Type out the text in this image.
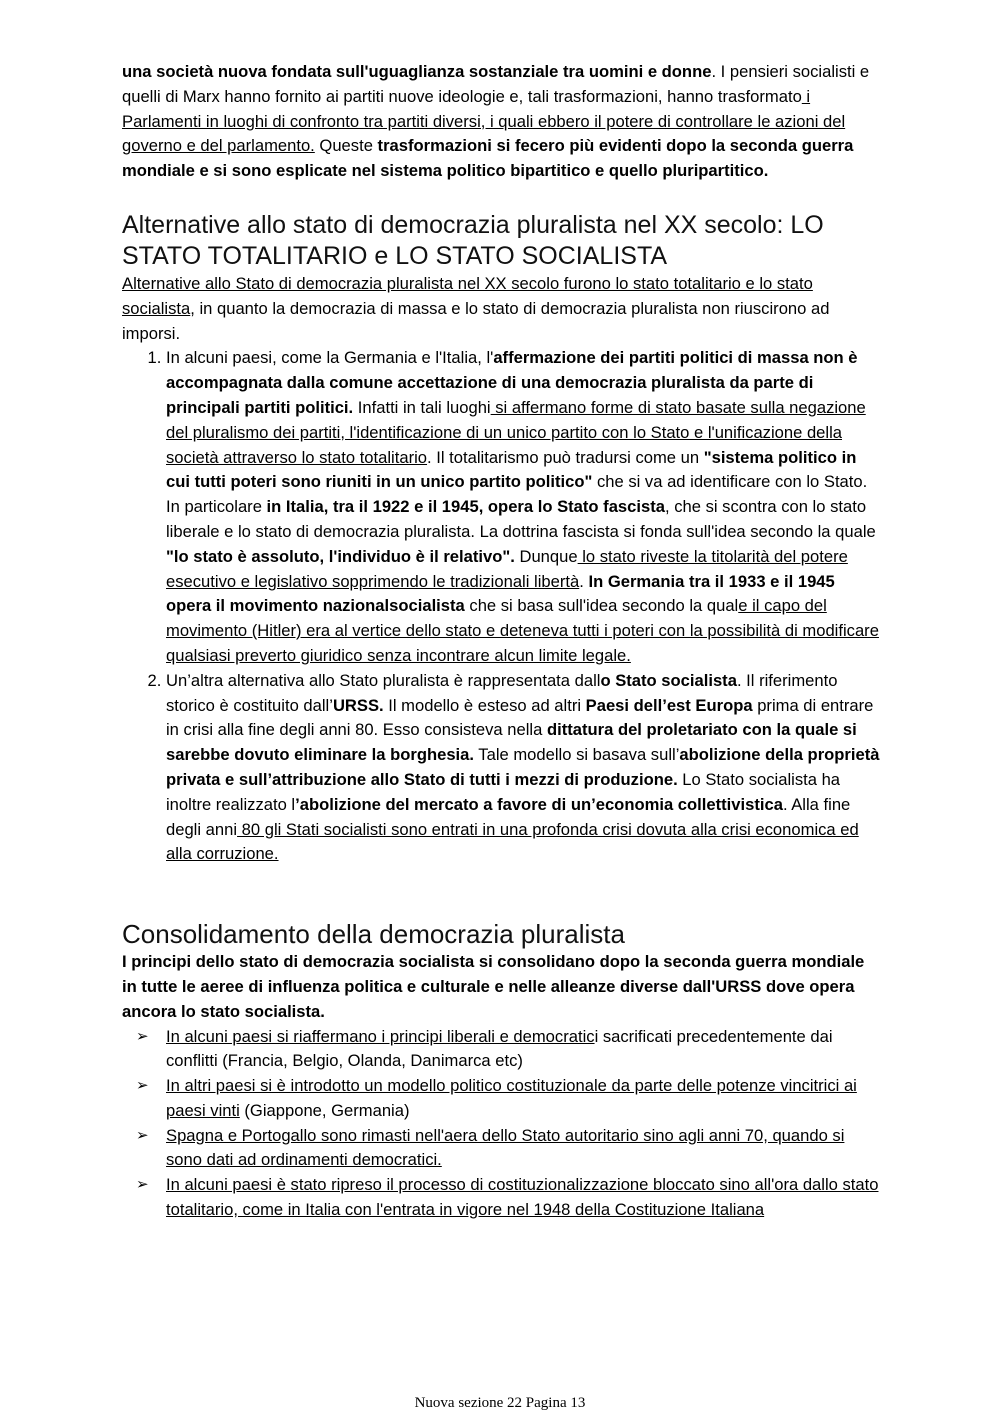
una società nuova fondata sull'uguaglianza sostanziale tra uomini e donne. I pensieri socialisti e quelli di Marx hanno fornito ai partiti nuove ideologie e, tali trasformazioni, hanno trasformato i Parlamenti in luoghi di confronto tra partiti diversi, i quali ebbero il potere di controllare le azioni del governo e del parlamento. Queste trasformazioni si fecero più evidenti dopo la seconda guerra mondiale e si sono esplicate nel sistema politico bipartitico e quello pluripartitico.

Alternative allo stato di democrazia pluralista nel XX secolo: LO STATO TOTALITARIO e LO STATO SOCIALISTA

Alternative allo Stato di democrazia pluralista nel XX secolo furono lo stato totalitario e lo stato socialista, in quanto la democrazia di massa e lo stato di democrazia pluralista non riuscirono ad imporsi.

1. In alcuni paesi, come la Germania e l'Italia, l'affermazione dei partiti politici di massa non è accompagnata dalla comune accettazione di una democrazia pluralista da parte di principali partiti politici. Infatti in tali luoghi si affermano forme di stato basate sulla negazione del pluralismo dei partiti, l'identificazione di un unico partito con lo Stato e l'unificazione della società attraverso lo stato totalitario. Il totalitarismo può tradursi come un "sistema politico in cui tutti poteri sono riuniti in un unico partito politico" che si va ad identificare con lo Stato. In particolare in Italia, tra il 1922 e il 1945, opera lo Stato fascista, che si scontra con lo stato liberale e lo stato di democrazia pluralista. La dottrina fascista si fonda sull'idea secondo la quale "lo stato è assoluto, l'individuo è il relativo". Dunque lo stato riveste la titolarità del potere esecutivo e legislativo sopprimendo le tradizionali libertà. In Germania tra il 1933 e il 1945 opera il movimento nazionalsocialista che si basa sull'idea secondo la quale il capo del movimento (Hitler) era al vertice dello stato e deteneva tutti i poteri con la possibilità di modificare qualsiasi preverto giuridico senza incontrare alcun limite legale.
2. Un’altra alternativa allo Stato pluralista è rappresentata dallo Stato socialista. Il riferimento storico è costituito dall’URSS. Il modello è esteso ad altri Paesi dell’est Europa prima di entrare in crisi alla fine degli anni 80. Esso consisteva nella dittatura del proletariato con la quale si sarebbe dovuto eliminare la borghesia. Tale modello si basava sull’abolizione della proprietà privata e sull’attribuzione allo Stato di tutti i mezzi di produzione. Lo Stato socialista ha inoltre realizzato l’abolizione del mercato a favore di un’economia collettivistica. Alla fine degli anni 80 gli Stati socialisti sono entrati in una profonda crisi dovuta alla crisi economica ed alla corruzione.
Consolidamento della democrazia pluralista

I principi dello stato di democrazia socialista si consolidano dopo la seconda guerra mondiale in tutte le aeree di influenza politica e culturale e nelle alleanze diverse dall'URSS dove opera ancora lo stato socialista.

➢ In alcuni paesi si riaffermano i principi liberali e democratici sacrificati precedentemente dai conflitti (Francia, Belgio, Olanda, Danimarca etc)
➢ In altri paesi si è introdotto un modello politico costituzionale da parte delle potenze vincitrici ai paesi vinti (Giappone, Germania)
➢ Spagna e Portogallo sono rimasti nell'aera dello Stato autoritario sino agli anni 70, quando si sono dati ad ordinamenti democratici.
➢ In alcuni paesi è stato ripreso il processo di costituzionalizzazione bloccato sino all'ora dallo stato totalitario, come in Italia con l'entrata in vigore nel 1948 della Costituzione Italiana
Nuova sezione 22 Pagina 13
